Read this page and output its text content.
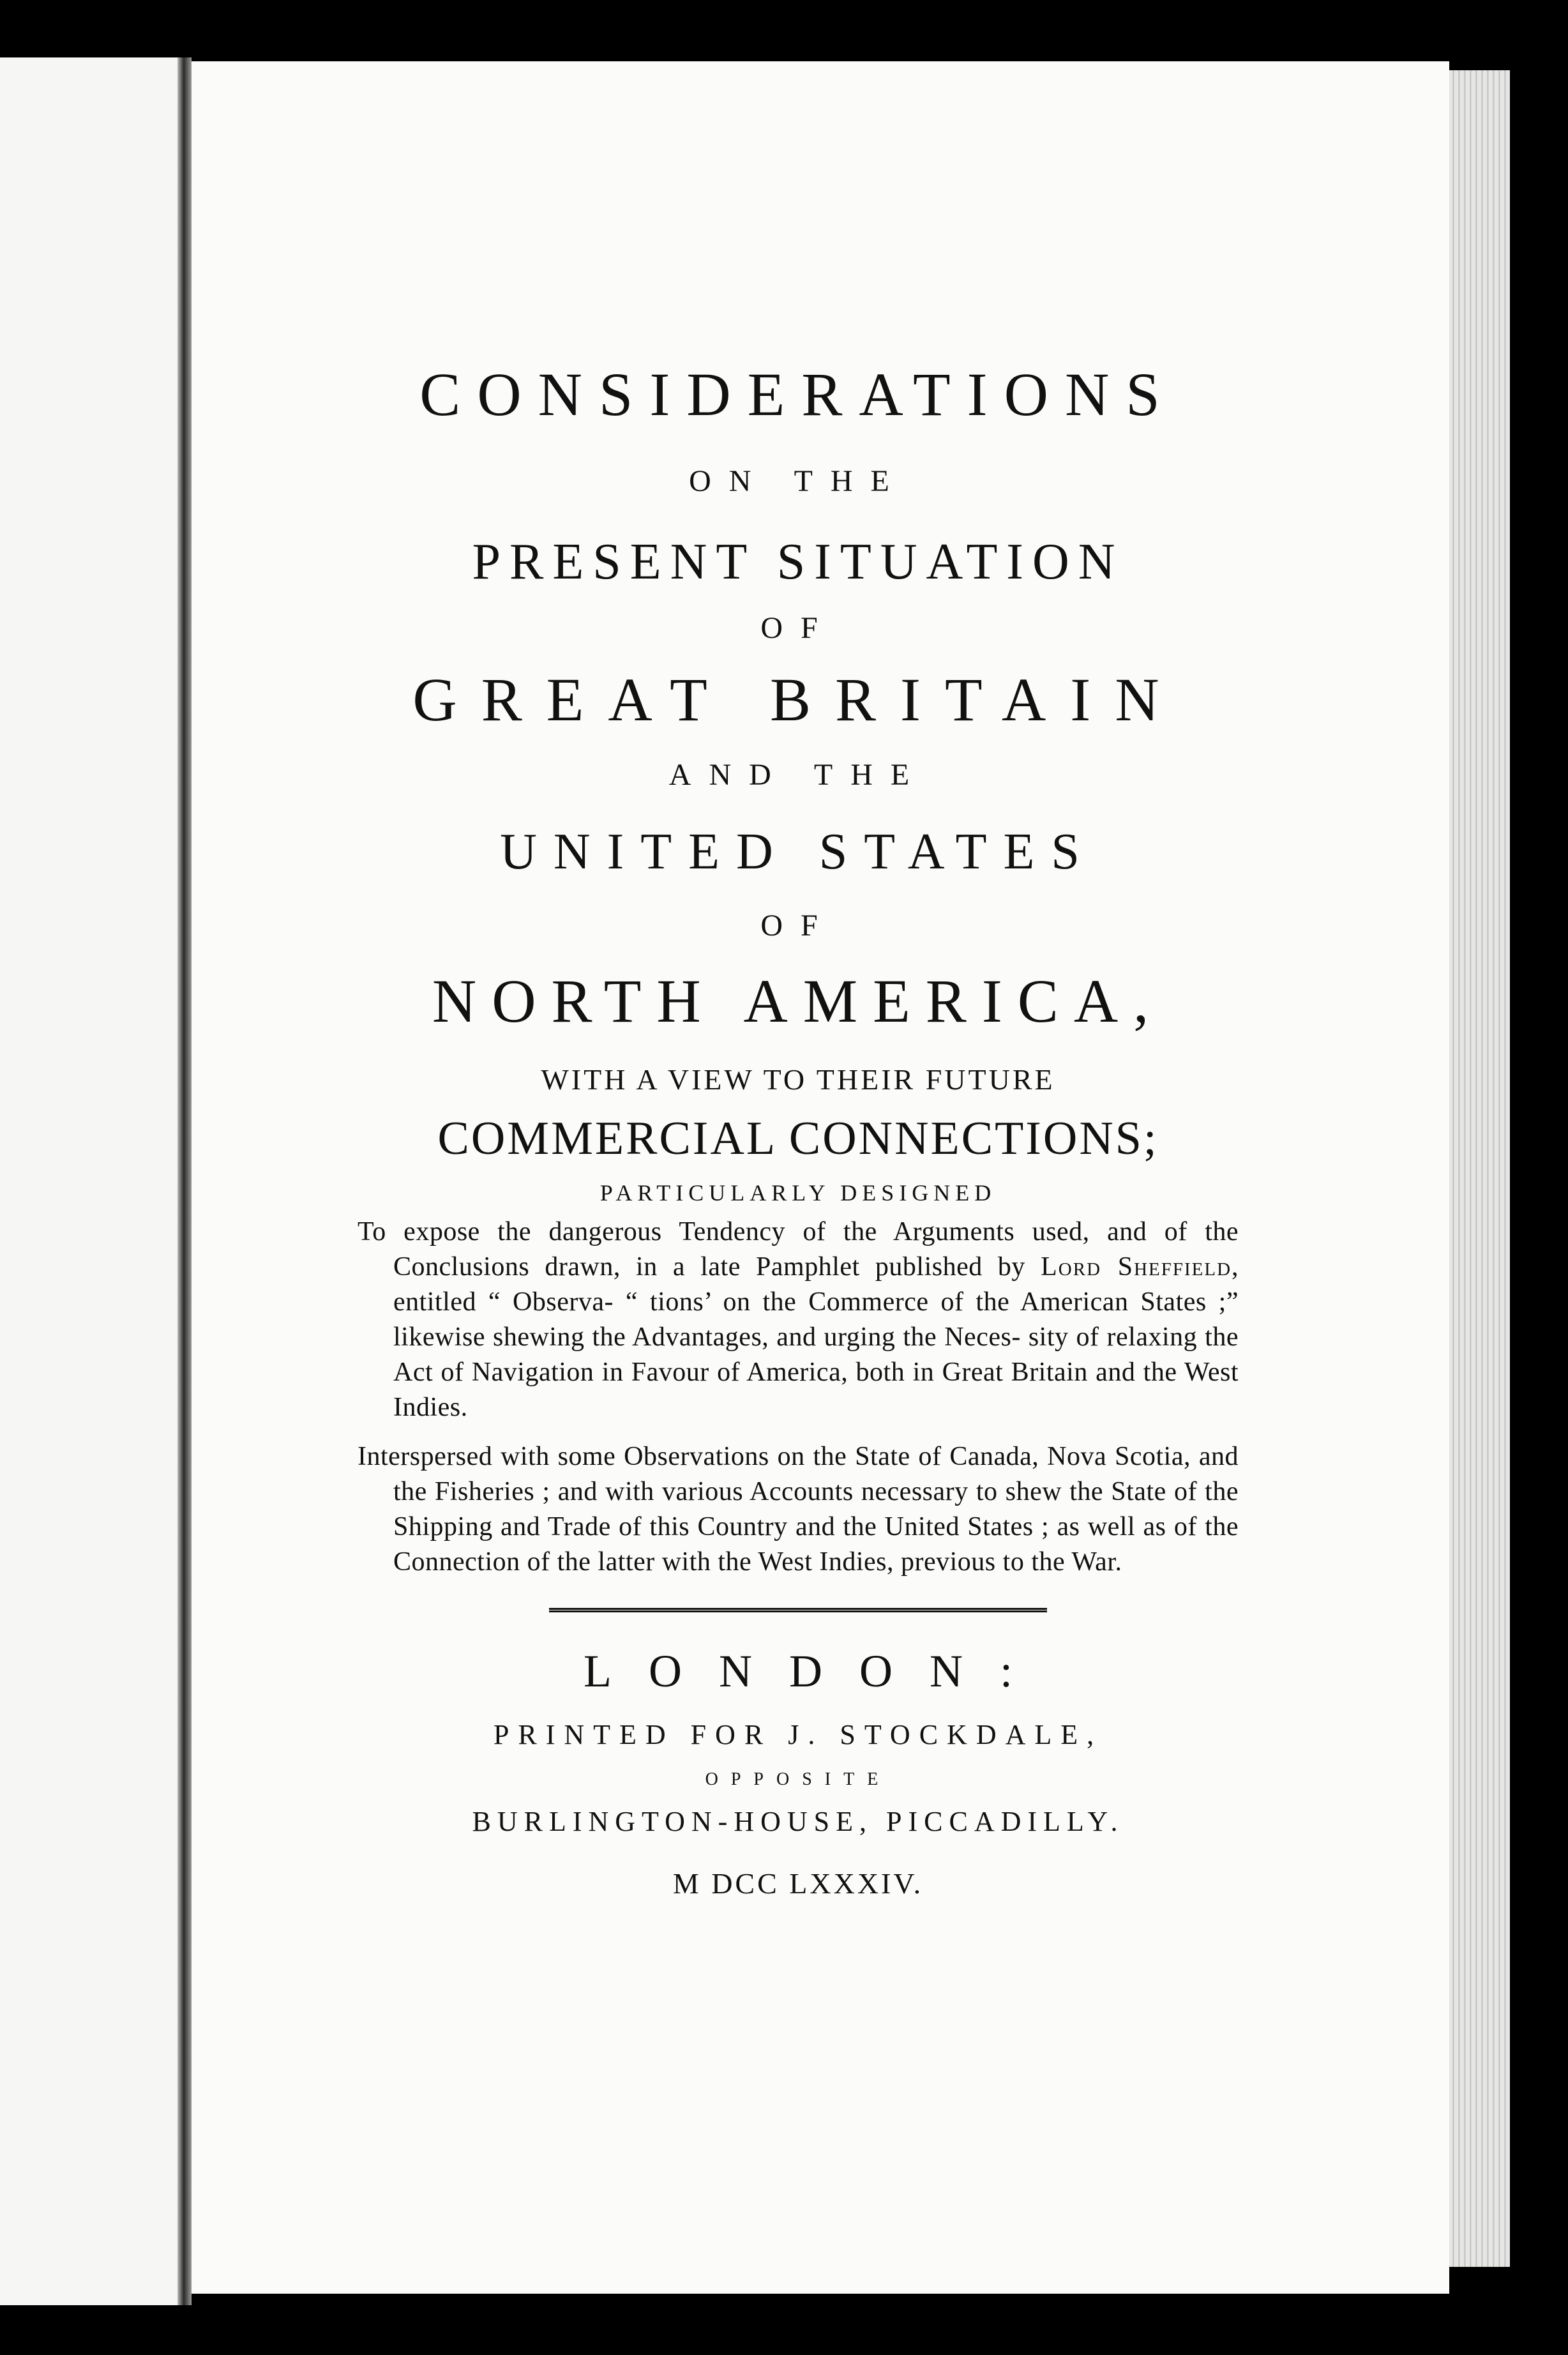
CONSIDERATIONS
ON THE
PRESENT SITUATION
OF
GREAT BRITAIN
AND THE
UNITED STATES
OF
NORTH AMERICA,
WITH A VIEW TO THEIR FUTURE
COMMERCIAL CONNECTIONS;
PARTICULARLY DESIGNED

To expose the dangerous Tendency of the Arguments used, and of the Conclusions drawn, in a late Pamphlet published by Lord Sheffield, entitled “ Observa- “ tions’ on the Commerce of the American States ;” likewise shewing the Advantages, and urging the Neces- sity of relaxing the Act of Navigation in Favour of America, both in Great Britain and the West Indies.

Interspersed with some Observations on the State of Canada, Nova Scotia, and the Fisheries ; and with various Accounts necessary to shew the State of the Shipping and Trade of this Country and the United States ; as well as of the Connection of the latter with the West Indies, previous to the War.

LONDON:
PRINTED FOR J. STOCKDALE,
OPPOSITE
BURLINGTON-HOUSE, PICCADILLY.
M DCC LXXXIV.
